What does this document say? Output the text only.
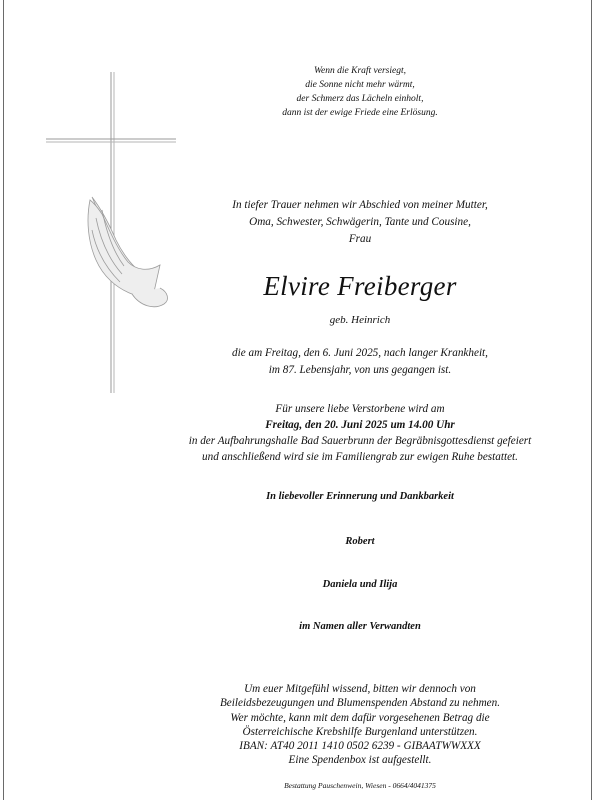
Wenn die Kraft versiegt,
die Sonne nicht mehr wärmt,
der Schmerz das Lächeln einholt,
dann ist der ewige Friede eine Erlösung.
In tiefer Trauer nehmen wir Abschied von meiner Mutter,
Oma, Schwester, Schwägerin, Tante und Cousine,
Frau
Elvire Freiberger
geb. Heinrich
die am Freitag, den 6. Juni 2025, nach langer Krankheit,
im 87. Lebensjahr, von uns gegangen ist.
Für unsere liebe Verstorbene wird am
Freitag, den 20. Juni 2025 um 14.00 Uhr
in der Aufbahrungshalle Bad Sauerbrunn der Begräbnisgottesdienst gefeiert
und anschließend wird sie im Familiengrab zur ewigen Ruhe bestattet.
In liebevoller Erinnerung und Dankbarkeit
Robert
Daniela und Ilija
im Namen aller Verwandten
Um euer Mitgefühl wissend, bitten wir dennoch von
Beileidsbezeugungen und Blumenspenden Abstand zu nehmen.
Wer möchte, kann mit dem dafür vorgesehenen Betrag die
Österreichische Krebshilfe Burgenland unterstützen.
IBAN: AT40 2011 1410 0502 6239 - GIBAATWWXXX
Eine Spendenbox ist aufgestellt.
Bestattung Pauschenwein, Wiesen - 0664/4041375
